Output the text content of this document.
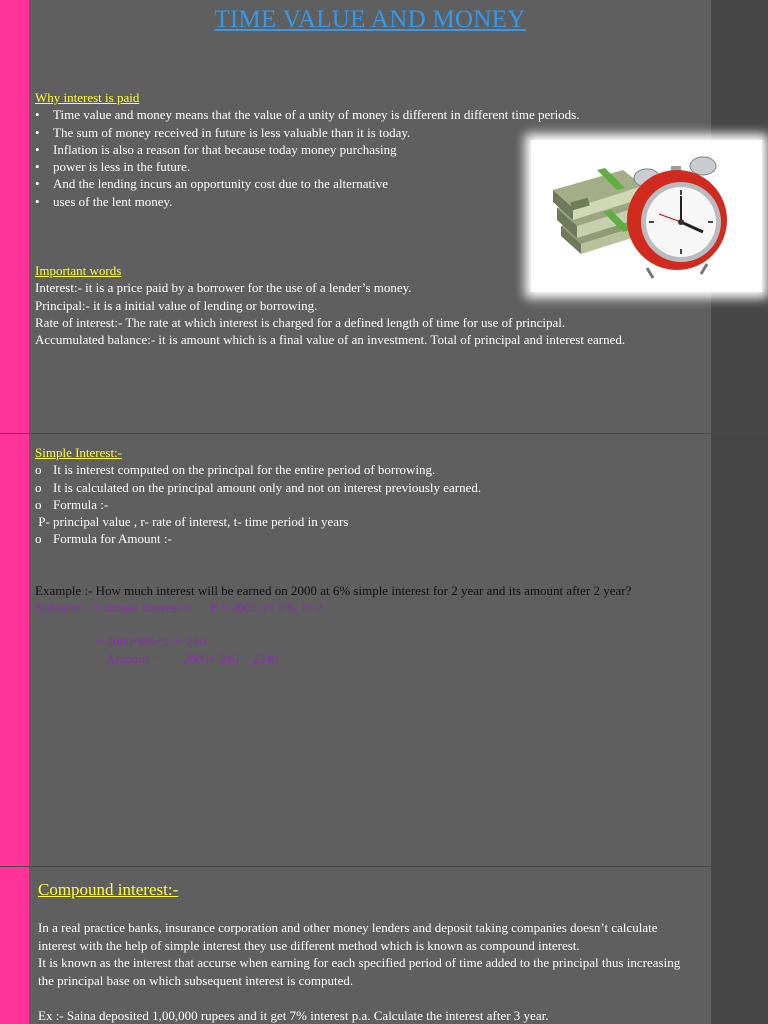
TIME VALUE AND MONEY
Why interest is paid
• Time value and money means that the value of a unity of money is different in different time periods.
• The sum of money received in future is less valuable than it is today.
• Inflation is also a reason for that because today money purchasing
• power is less in the future.
• And the lending incurs an opportunity cost due to the alternative
• uses of the lent money.
Important words
Interest:- it is a price paid by a borrower for the use of a lender’s money.
Principal:- it is a initial value of lending or borrowing.
Rate of interest:- The rate at which interest is charged for a defined length of time for use of principal.
Accumulated balance:- it is amount which is a final value of an investment. Total of principal and interest earned.
Simple Interest:-
o It is interest computed on the principal for the entire period of borrowing.
o It is calculated on the principal amount only and not on interest previously earned.
o Formula :-
P- principal value , r- rate of interest, t- time period in years
o Formula for Amount :-
Example :- How much interest will be earned on 2000 at 6% simple interest for 2 year and its amount after 2 year?
Solution:-  = simple interest =    , P = 2000, r= 6%, t= 2
= 2000*6%*2 =  240
= Amount =    = 2000+ 240 = 2240
Compound interest:-
In a real practice banks, insurance corporation and other money lenders and deposit taking companies doesn’t calculate
interest with the help of simple interest they use different method which is known as compound interest.
It is known as the interest that accurse when earning for each specified period of time added to the principal thus increasing
the principal base on which subsequent interest is computed.
Ex :- Saina deposited 1,00,000 rupees and it get 7% interest p.a. Calculate the interest after 3 year.
